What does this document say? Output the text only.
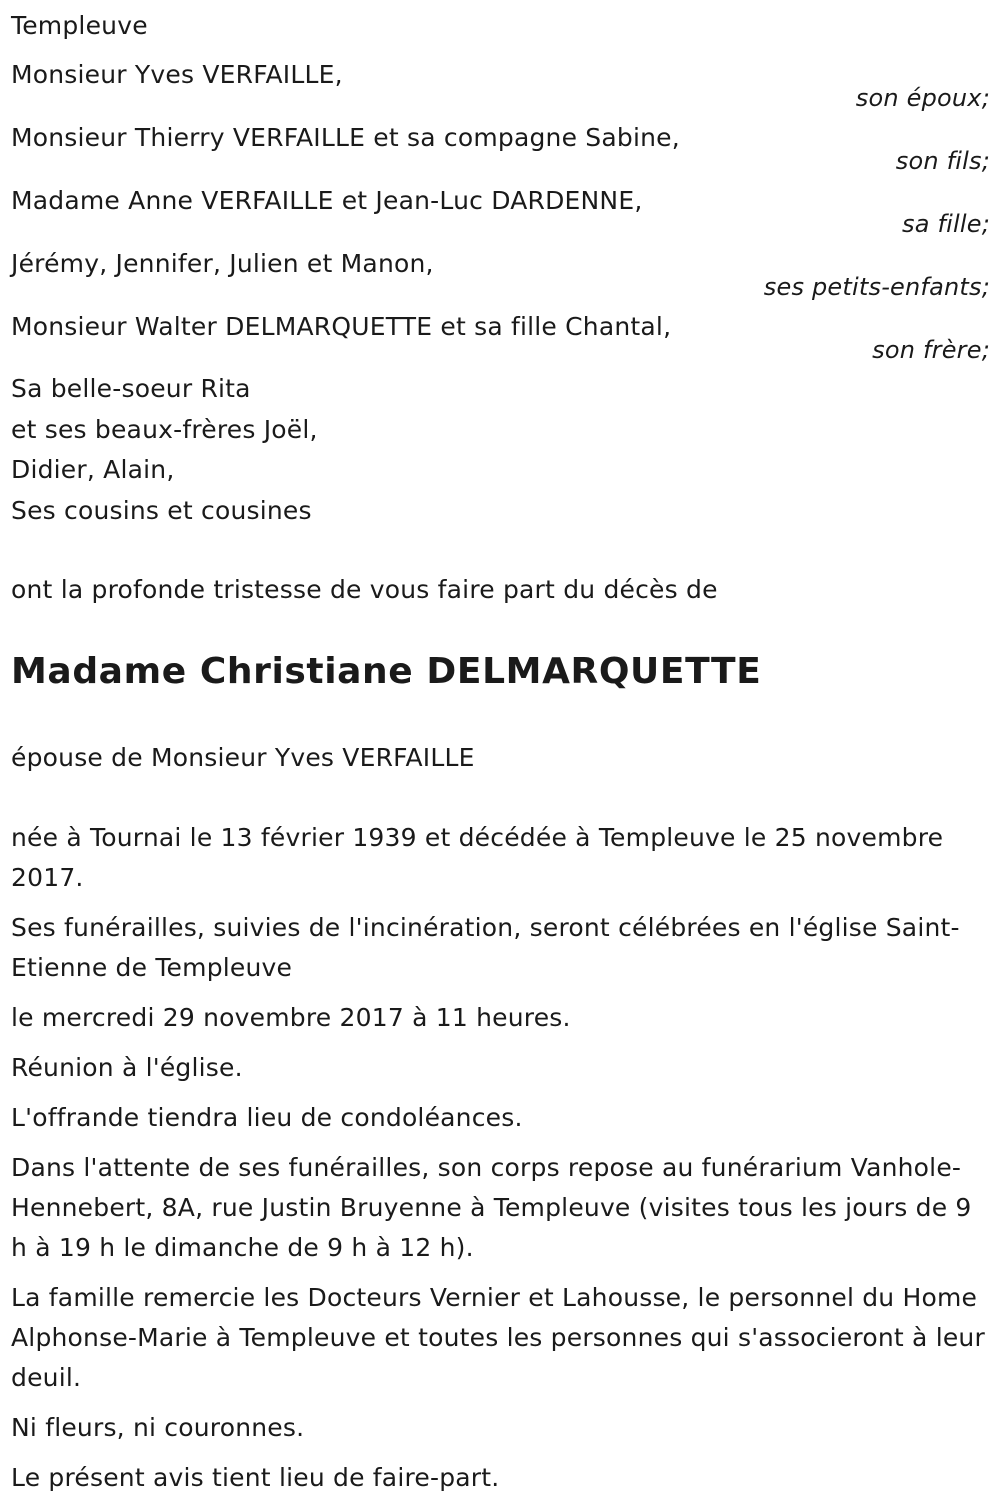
Templeuve
Monsieur Yves VERFAILLE,
son époux;
Monsieur Thierry VERFAILLE et sa compagne Sabine,
son fils;
Madame Anne VERFAILLE et Jean-Luc DARDENNE,
sa fille;
Jérémy, Jennifer, Julien et Manon,
ses petits-enfants;
Monsieur Walter DELMARQUETTE et sa fille Chantal,
son frère;
Sa belle-soeur Rita
et ses beaux-frères Joël,
Didier, Alain,
Ses cousins et cousines
ont la profonde tristesse de vous faire part du décès de
Madame Christiane DELMARQUETTE
épouse de Monsieur Yves VERFAILLE

née à Tournai le 13 février 1939 et décédée à Templeuve le 25 novembre 2017.

Ses funérailles, suivies de l'incinération, seront célébrées en l'église Saint-Etienne de Templeuve

le mercredi 29 novembre 2017 à 11 heures.

Réunion à l'église.

L'offrande tiendra lieu de condoléances.

Dans l'attente de ses funérailles, son corps repose au funérarium Vanhole-Hennebert, 8A, rue Justin Bruyenne à Templeuve (visites tous les jours de 9 h à 19 h le dimanche de 9 h à 12 h).

La famille remercie les Docteurs Vernier et Lahousse, le personnel du Home Alphonse-Marie à Templeuve et toutes les personnes qui s'associeront à leur deuil.

Ni fleurs, ni couronnes.

Le présent avis tient lieu de faire-part.
